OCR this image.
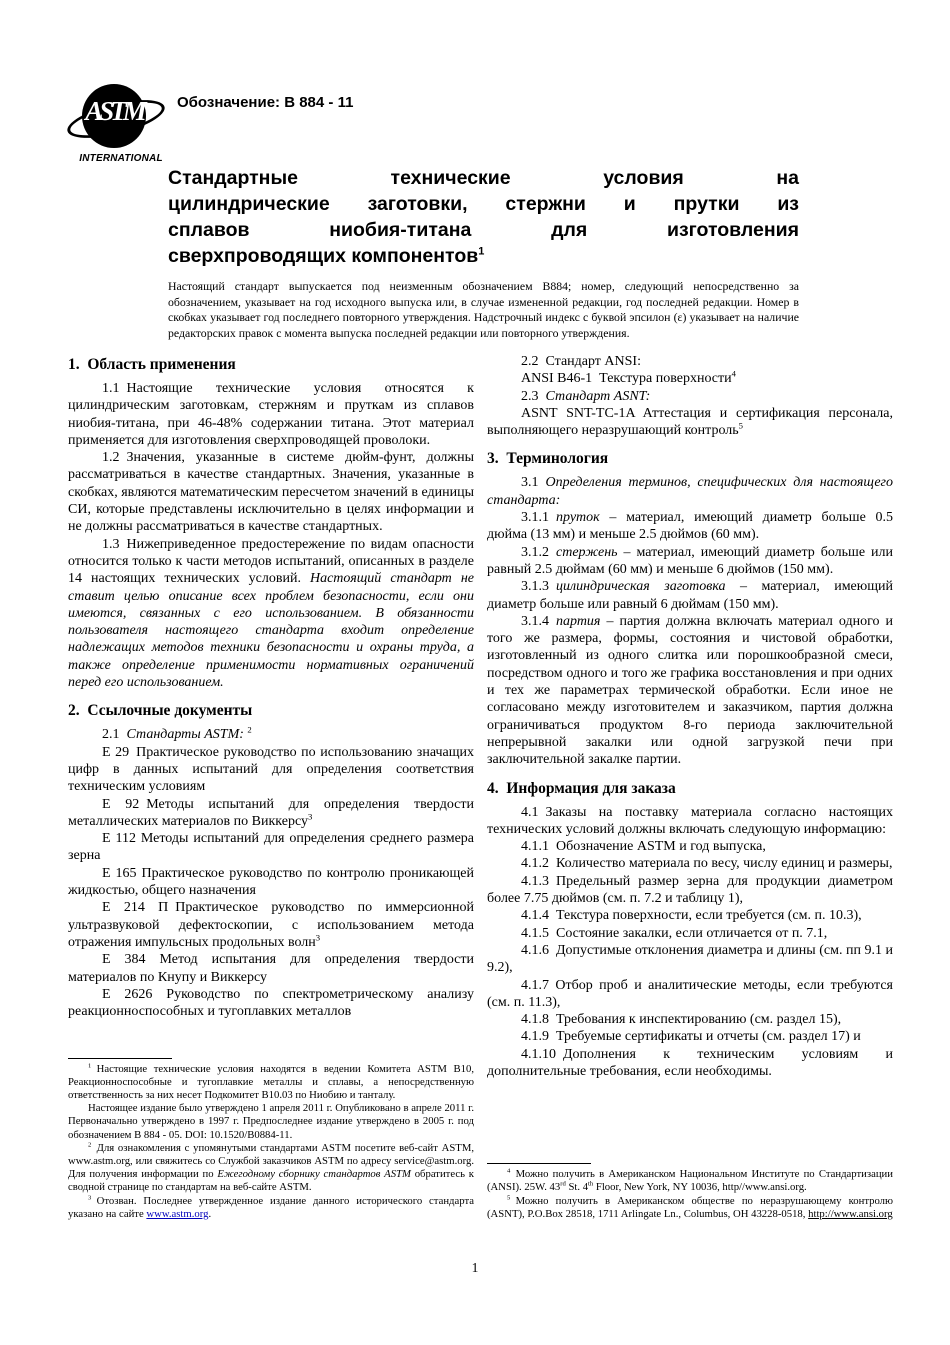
ASTM
INTERNATIONAL
Обозначение: B 884 - 11
Стандартные технические условия на
цилиндрические заготовки, стержни и прутки из
сплавов ниобия-титана для изготовления
сверхпроводящих компонентов$^1$
Настоящий стандарт выпускается под неизменным обозначением B884; номер, следующий непосредственно за обозначением, указывает на год исходного выпуска или, в случае измененной редакции, год последней редакции. Номер в скобках указывает год последнего повторного утверждения. Надстрочный индекс с буквой эпсилон (ε) указывает на наличие редакторских правок с момента выпуска последней редакции или повторного утверждения.
1. Область применения
1.1 Настоящие технические условия относятся к цилиндрическим заготовкам, стержням и пруткам из сплавов ниобия-титана, при 46-48% содержании титана. Этот материал применяется для изготовления сверхпроводящей проволоки.
1.2 Значения, указанные в системе дюйм-фунт, должны рассматриваться в качестве стандартных. Значения, указанные в скобках, являются математическим пересчетом значений в единицы СИ, которые представлены исключительно в целях информации и не должны рассматриваться в качестве стандартных.
1.3 Нижеприведенное предостережение по видам опасности относится только к части методов испытаний, описанных в разделе 14 настоящих технических условий. Настоящий стандарт не ставит целью описание всех проблем безопасности, если они имеются, связанных с его использованием. В обязанности пользователя настоящего стандарта входит определение надлежащих методов техники безопасности и охраны труда, а также определение применимости нормативных ограничений перед его использованием.
2. Ссылочные документы
2.1 Стандарты ASTM: $^2$
E 29 Практическое руководство по использованию значащих цифр в данных испытаний для определения соответствия техническим условиям
E 92 Методы испытаний для определения твердости металлических материалов по Виккерсу$^3$
E 112 Методы испытаний для определения среднего размера зерна
E 165 Практическое руководство по контролю проникающей жидкостью, общего назначения
E 214 П Практическое руководство по иммерсионной ультразвуковой дефектоскопии, с использованием метода отражения импульсных продольных волн$^3$
E 384 Метод испытания для определения твердости материалов по Кнупу и Виккерсу
E 2626 Руководство по спектрометрическому анализу реакционноспособных и тугоплавких металлов
$^1$ Настоящие технические условия находятся в ведении Комитета ASTM B10, Реакционноспособные и тугоплавкие металлы и сплавы, а непосредственную ответственность за них несет Подкомитет B10.03 по Ниобию и танталу.
Настоящее издание было утверждено 1 апреля 2011 г. Опубликовано в апреле 2011 г. Первоначально утверждено в 1997 г. Предпоследнее издание утверждено в 2005 г. под обозначением B 884 - 05. DOI: 10.1520/B0884-11.
$^2$ Для ознакомления с упомянутыми стандартами ASTM посетите веб-сайт ASTM, www.astm.org, или свяжитесь со Службой заказчиков ASTM по адресу service@astm.org. Для получения информации по Ежегодному сборнику стандартов ASTM обратитесь к сводной странице по стандартам на веб-сайте ASTM.
$^3$ Отозван. Последнее утвержденное издание данного исторического стандарта указано на сайте www.astm.org.
2.2 Стандарт ANSI:
ANSI B46-1 Текстура поверхности$^4$
2.3 Стандарт ASNT:
ASNT SNT-TC-1A Аттестация и сертификация персонала, выполняющего неразрушающий контроль$^5$
3. Терминология
3.1 Определения терминов, специфических для настоящего стандарта:
3.1.1 пруток – материал, имеющий диаметр больше 0.5 дюйма (13 мм) и меньше 2.5 дюймов (60 мм).
3.1.2 стержень – материал, имеющий диаметр больше или равный 2.5 дюймам (60 мм) и меньше 6 дюймов (150 мм).
3.1.3 цилиндрическая заготовка – материал, имеющий диаметр больше или равный 6 дюймам (150 мм).
3.1.4 партия – партия должна включать материал одного и того же размера, формы, состояния и чистовой обработки, изготовленный из одного слитка или порошкообразной смеси, посредством одного и того же графика восстановления и при одних и тех же параметрах термической обработки. Если иное не согласовано между изготовителем и заказчиком, партия должна ограничиваться продуктом 8-го периода заключительной непрерывной закалки или одной загрузкой печи при заключительной закалке партии.
4. Информация для заказа
4.1 Заказы на поставку материала согласно настоящих технических условий должны включать следующую информацию:
4.1.1 Обозначение ASTM и год выпуска,
4.1.2 Количество материала по весу, числу единиц и размеры,
4.1.3 Предельный размер зерна для продукции диаметром более 7.75 дюймов (см. п. 7.2 и таблицу 1),
4.1.4 Текстура поверхности, если требуется (см. п. 10.3),
4.1.5 Состояние закалки, если отличается от п. 7.1,
4.1.6 Допустимые отклонения диаметра и длины (см. пп 9.1 и 9.2),
4.1.7 Отбор проб и аналитические методы, если требуются (см. п. 11.3),
4.1.8 Требования к инспектированию (см. раздел 15),
4.1.9 Требуемые сертификаты и отчеты (см. раздел 17) и
4.1.10 Дополнения к техническим условиям и дополнительные требования, если необходимы.
$^4$ Можно получить в Американском Национальном Институте по Стандартизации (ANSI). 25W. 43rd St. 4th Floor, New York, NY 10036, http//www.ansi.org.
$^5$ Можно получить в Американском обществе по неразрушающему контролю (ASNT), P.O.Box 28518, 1711 Arlingate Ln., Columbus, OH 43228-0518, http://www.ansi.org
1
